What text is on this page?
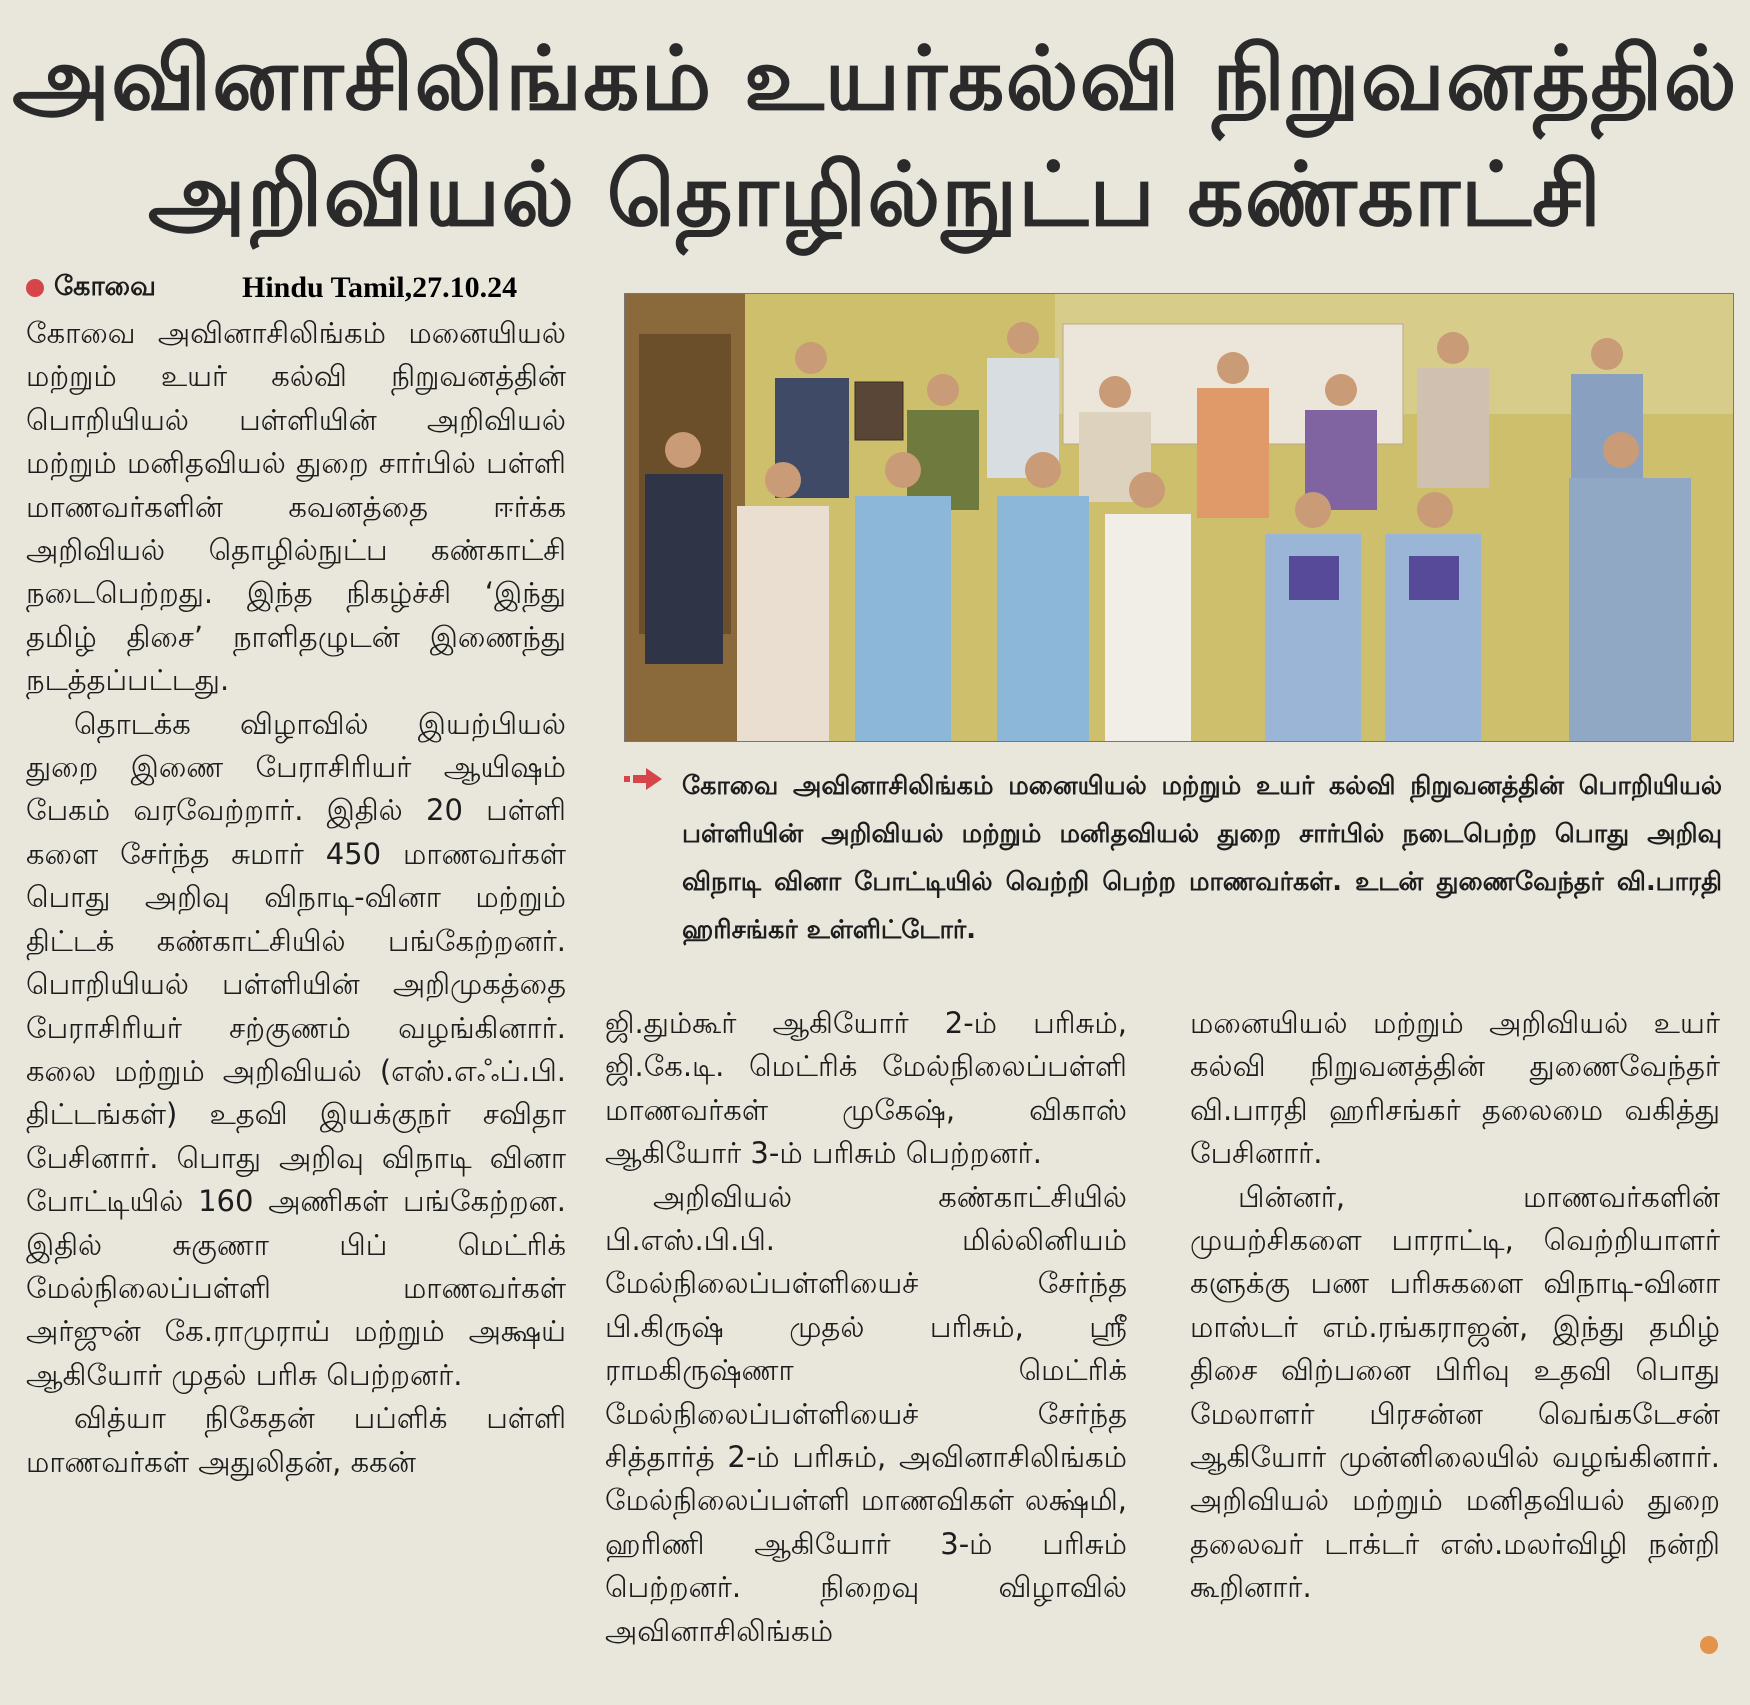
அவினாசிலிங்கம் உயர்கல்வி நிறுவனத்தில்
அறிவியல் தொழில்நுட்ப கண்காட்சி
கோவை	Hindu Tamil,27.10.24

கோவை அவினாசிலிங்கம் மனையியல் மற்றும் உயர் கல்வி நிறுவனத்தின் பொறியியல் பள்ளியின் அறிவியல் மற்றும் மனிதவியல் துறை சார்பில் பள்ளி மாணவர்களின் கவனத்தை ஈர்க்க அறிவியல் தொழில்நுட்ப கண்காட்சி நடைபெற்றது. இந்த நிகழ்ச்சி ‘இந்து தமிழ் திசை’ நாளிதழுடன் இணைந்து நடத்தப்பட்டது.

தொடக்க விழாவில் இயற்பியல் துறை இணை பேராசிரியர் ஆயிஷம் பேகம் வரவேற்றார். இதில் 20 பள்ளி களை சேர்ந்த சுமார் 450 மாணவர்கள் பொது அறிவு விநாடி-வினா மற்றும் திட்டக் கண்காட்சியில் பங்கேற்றனர். பொறியியல் பள்ளியின் அறிமுகத்தை பேராசிரியர் சற்குணம் வழங்கினார். கலை மற்றும் அறிவியல் (எஸ்.எஃப்.பி. திட்டங்கள்) உதவி இயக்குநர் சவிதா பேசினார். பொது அறிவு விநாடி வினா போட்டியில் 160 அணிகள் பங்கேற்றன. இதில் சுகுணா பிப் மெட்ரிக் மேல்நிலைப்பள்ளி மாணவர்கள் அர்ஜுன் கே.ராமுராய் மற்றும் அக்ஷய் ஆகியோர் முதல் பரிசு பெற்றனர்.

வித்யா நிகேதன் பப்ளிக் பள்ளி மாணவர்கள் அதுலிதன், ககன்

கோவை அவினாசிலிங்கம் மனையியல் மற்றும் உயர் கல்வி நிறுவனத்தின் பொறியியல் பள்ளியின் அறிவியல் மற்றும் மனிதவியல் துறை சார்பில் நடைபெற்ற பொது அறிவு விநாடி வினா போட்டியில் வெற்றி பெற்ற மாணவர்கள். உடன் துணைவேந்தர் வி.பாரதி ஹரிசங்கர் உள்ளிட்டோர்.

ஜி.தும்கூர் ஆகியோர் 2-ம் பரிசும், ஜி.கே.டி. மெட்ரிக் மேல்நிலைப்பள்ளி மாணவர்கள் முகேஷ், விகாஸ் ஆகியோர் 3-ம் பரிசும் பெற்றனர்.

அறிவியல் கண்காட்சியில் பி.எஸ்.பி.பி. மில்லினியம் மேல்நிலைப்பள்ளியைச் சேர்ந்த பி.கிருஷ் முதல் பரிசும், ஸ்ரீ ராமகிருஷ்ணா மெட்ரிக் மேல்நிலைப்பள்ளியைச் சேர்ந்த சித்தார்த் 2-ம் பரிசும், அவினாசிலிங்கம் மேல்நிலைப்பள்ளி மாணவிகள் லக்ஷ்மி, ஹரிணி ஆகியோர் 3-ம் பரிசும் பெற்றனர். நிறைவு விழாவில் அவினாசிலிங்கம்

மனையியல் மற்றும் அறிவியல் உயர் கல்வி நிறுவனத்தின் துணைவேந்தர் வி.பாரதி ஹரிசங்கர் தலைமை வகித்து பேசினார்.

பின்னர், மாணவர்களின் முயற்சிகளை பாராட்டி, வெற்றியாளர் களுக்கு பண பரிசுகளை விநாடி-வினா மாஸ்டர் எம்.ரங்கராஜன், இந்து தமிழ் திசை விற்பனை பிரிவு உதவி பொது மேலாளர் பிரசன்ன வெங்கடேசன் ஆகியோர் முன்னிலையில் வழங்கினார். அறிவியல் மற்றும் மனிதவியல் துறை தலைவர் டாக்டர் எஸ்.மலர்விழி நன்றி கூறினார்.
